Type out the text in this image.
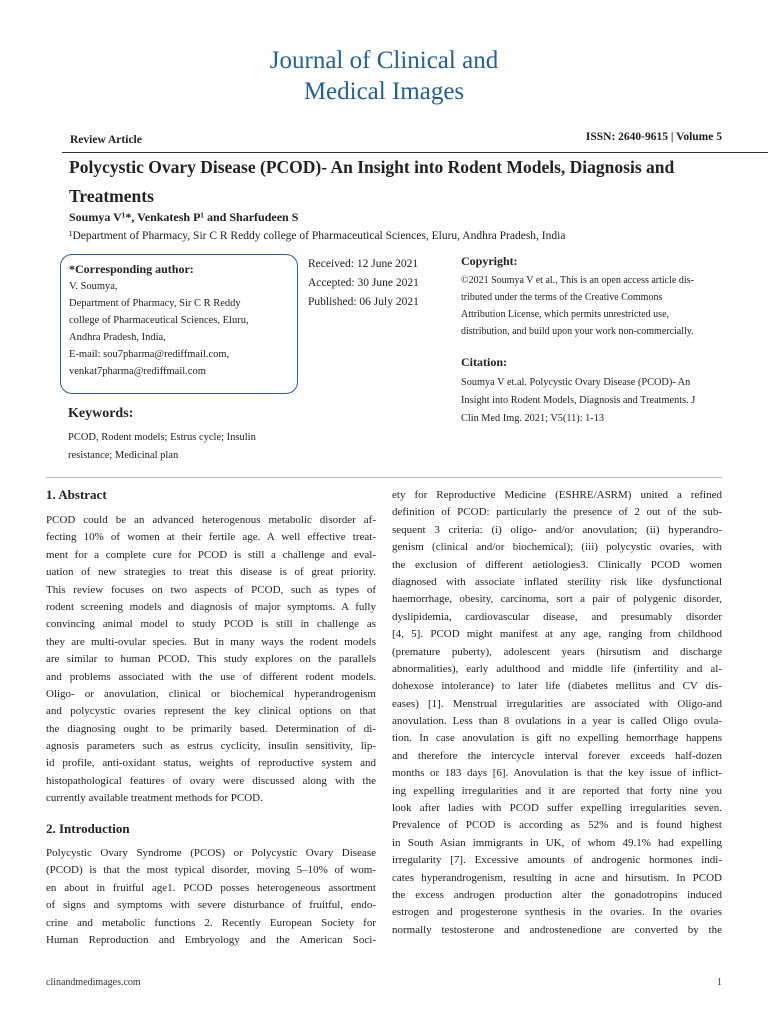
Journal of Clinical and
Medical Images
Review Article	ISSN: 2640-9615 | Volume 5
Polycystic Ovary Disease (PCOD)- An Insight into Rodent Models, Diagnosis and
Treatments
Soumya V¹*, Venkatesh P¹ and Sharfudeen S
¹Department of Pharmacy, Sir C R Reddy college of Pharmaceutical Sciences, Eluru, Andhra Pradesh, India
*Corresponding author:
V. Soumya,
Department of Pharmacy, Sir C R Reddy
college of Pharmaceutical Sciences, Eluru,
Andhra Pradesh, India,
E-mail: sou7pharma@rediffmail.com,
venkat7pharma@rediffmail.com
Received: 12 June 2021
Accepted: 30 June 2021
Published: 06 July 2021
Copyright:
©2021 Soumya V et al., This is an open access article dis-
tributed under the terms of the Creative Commons
Attribution License, which permits unrestricted use,
distribution, and build upon your work non-commercially.
Citation:
Soumya V et.al. Polycystic Ovary Disease (PCOD)- An
Insight into Rodent Models, Diagnosis and Treatments. J
Clin Med Img. 2021; V5(11): 1-13
Keywords:
PCOD, Rodent models; Estrus cycle; Insulin
resistance; Medicinal plan
1. Abstract
PCOD could be an advanced heterogenous metabolic disorder af-
fecting 10% of women at their fertile age. A well effective treat-
ment for a complete cure for PCOD is still a challenge and eval-
uation of new strategies to treat this disease is of great priority.
This review focuses on two aspects of PCOD, such as types of
rodent screening models and diagnosis of major symptoms. A fully
convincing animal model to study PCOD is still in challenge as
they are multi-ovular species. But in many ways the rodent models
are similar to human PCOD. This study explores on the parallels
and problems associated with the use of different rodent models.
Oligo- or anovulation, clinical or biochemical hyperandrogenism
and polycystic ovaries represent the key clinical options on that
the diagnosing ought to be primarily based. Determination of di-
agnosis parameters such as estrus cyclicity, insulin sensitivity, lip-
id profile, anti-oxidant status, weights of reproductive system and
histopathological features of ovary were discussed along with the
currently available treatment methods for PCOD.
2. Introduction
Polycystic Ovary Syndrome (PCOS) or Polycystic Ovary Disease
(PCOD) is that the most typical disorder, moving 5–10% of wom-
en about in fruitful age1. PCOD posses heterogeneous assortment
of signs and symptoms with severe disturbance of fruitful, endo-
crine and metabolic functions 2. Recently European Society for
Human Reproduction and Embryology and the American Soci-
ety for Reproductive Medicine (ESHRE/ASRM) united a refined
definition of PCOD: particularly the presence of 2 out of the sub-
sequent 3 criteria: (i) oligo- and/or anovulation; (ii) hyperandro-
genism (clinical and/or biochemical); (iii) polycystic ovaries, with
the exclusion of different aetiologies3. Clinically PCOD women
diagnosed with associate inflated sterility risk like dysfunctional
haemorrhage, obesity, carcinoma, sort a pair of polygenic disorder,
dyslipidemia, cardiovascular disease, and presumably disorder
[4, 5]. PCOD might manifest at any age, ranging from childhood
(premature puberty), adolescent years (hirsutism and discharge
abnormalities), early adulthood and middle life (infertility and al-
dohexose intolerance) to later life (diabetes mellitus and CV dis-
eases) [1]. Menstrual irregularities are associated with Oligo-and
anovulation. Less than 8 ovulations in a year is called Oligo ovula-
tion. In case anovulation is gift no expelling hemorrhage happens
and therefore the intercycle interval forever exceeds half-dozen
months or 183 days [6]. Anovulation is that the key issue of inflict-
ing expelling irregularities and it are reported that forty nine you
look after ladies with PCOD suffer expelling irregularities seven.
Prevalence of PCOD is according as 52% and is found highest
in South Asian immigrants in UK, of whom 49.1% had expelling
irregularity [7]. Excessive amounts of androgenic hormones indi-
cates hyperandrogenism, resulting in acne and hirsutism. In PCOD
the excess androgen production alter the gonadotropins induced
estrogen and progesterone synthesis in the ovaries. In the ovaries
normally testosterone and androstenedione are converted by the
clinandmedimages.com	1
